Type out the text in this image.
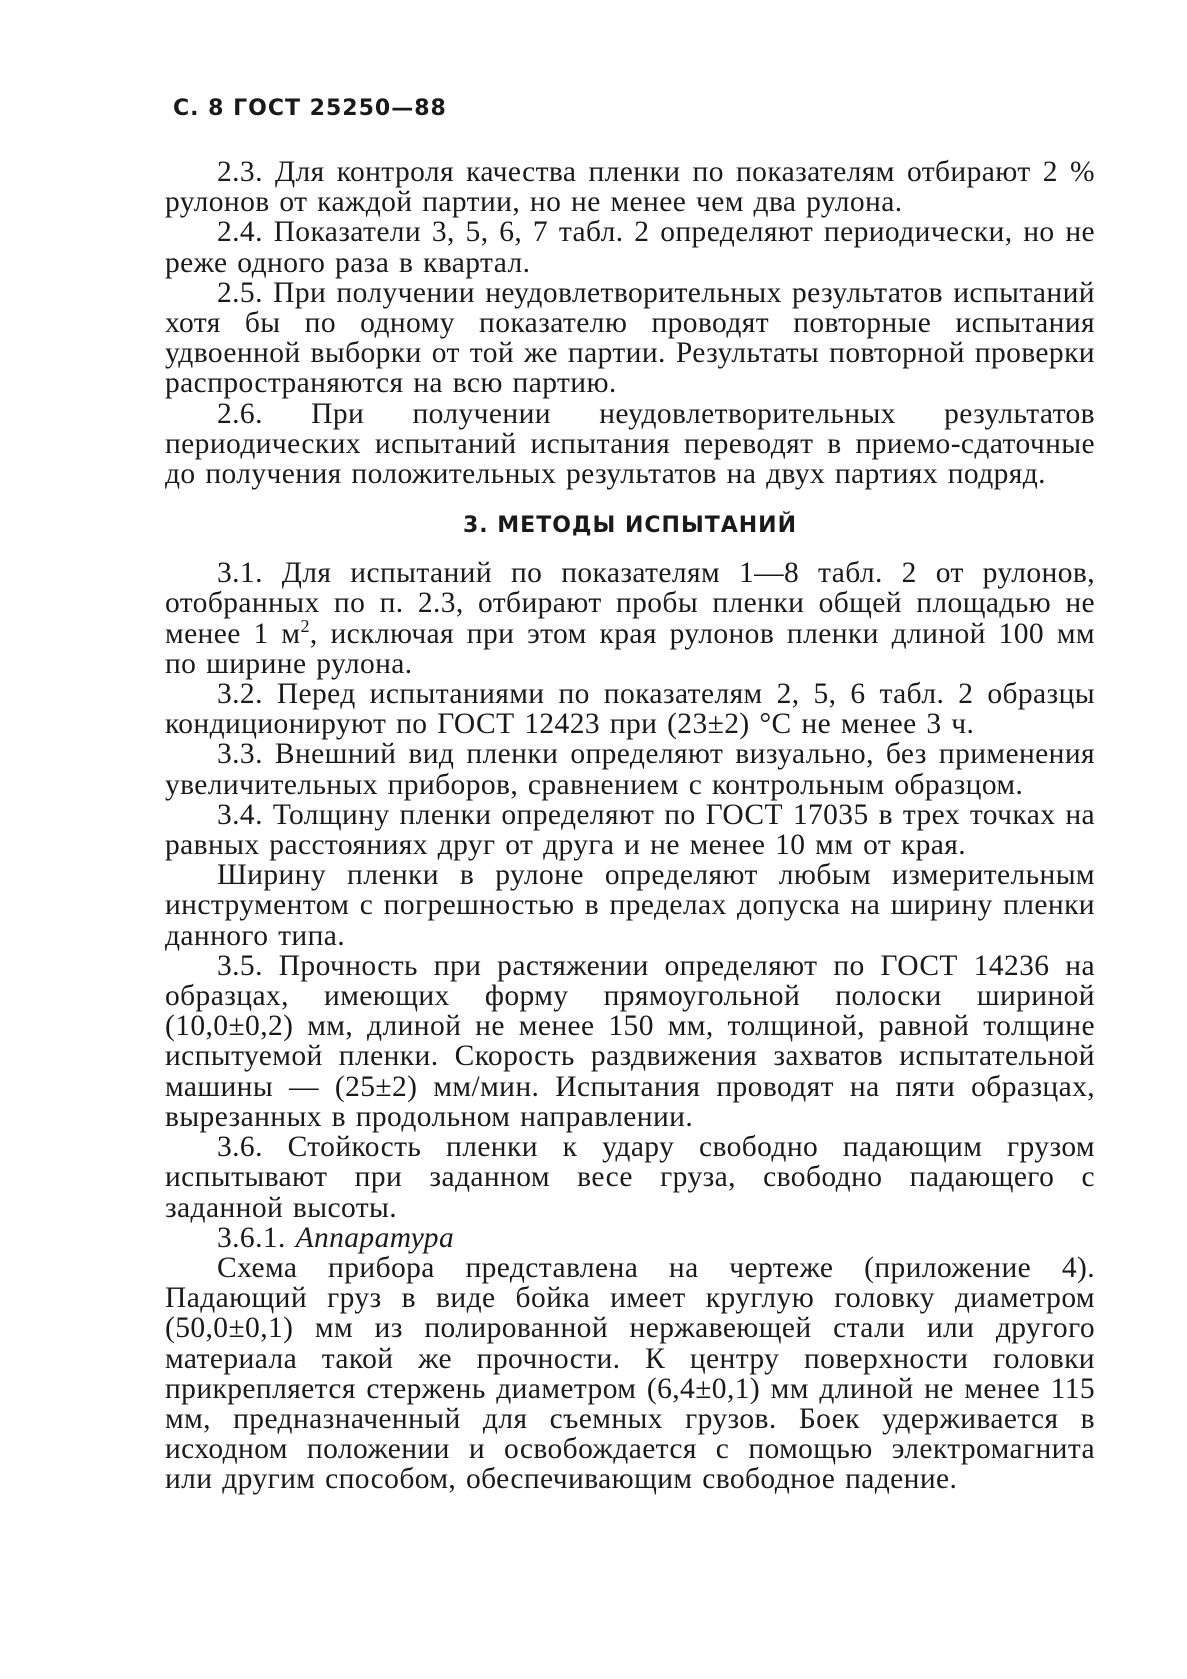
С. 8 ГОСТ 25250—88

2.3. Для контроля качества пленки по показателям отбирают 2 % рулонов от каждой партии, но не менее чем два рулона.

2.4. Показатели 3, 5, 6, 7 табл. 2 определяют периодически, но не реже одного раза в квартал.

2.5. При получении неудовлетворительных результатов испытаний хотя бы по одному показателю проводят повторные испытания удвоенной выборки от той же партии. Результаты повторной проверки распространяются на всю партию.

2.6. При получении неудовлетворительных результатов периодических испытаний испытания переводят в приемо-сдаточные до получения положительных результатов на двух партиях подряд.

3. МЕТОДЫ ИСПЫТАНИЙ

3.1. Для испытаний по показателям 1—8 табл. 2 от рулонов, отобранных по п. 2.3, отбирают пробы пленки общей площадью не менее 1 $м^2$, исключая при этом края рулонов пленки длиной 100 мм по ширине рулона.

3.2. Перед испытаниями по показателям 2, 5, 6 табл. 2 образцы кондиционируют по ГОСТ 12423 при (23±2) °С не менее 3 ч.

3.3. Внешний вид пленки определяют визуально, без применения увеличительных приборов, сравнением с контрольным образцом.

3.4. Толщину пленки определяют по ГОСТ 17035 в трех точках на равных расстояниях друг от друга и не менее 10 мм от края.

Ширину пленки в рулоне определяют любым измерительным инструментом с погрешностью в пределах допуска на ширину пленки данного типа.

3.5. Прочность при растяжении определяют по ГОСТ 14236 на образцах, имеющих форму прямоугольной полоски шириной (10,0±0,2) мм, длиной не менее 150 мм, толщиной, равной толщине испытуемой пленки. Скорость раздвижения захватов испытательной машины — (25±2) мм/мин. Испытания проводят на пяти образцах, вырезанных в продольном направлении.

3.6. Стойкость пленки к удару свободно падающим грузом испытывают при заданном весе груза, свободно падающего с заданной высоты.

3.6.1. Аппаратура

Схема прибора представлена на чертеже (приложение 4). Падающий груз в виде бойка имеет круглую головку диаметром (50,0±0,1) мм из полированной нержавеющей стали или другого материала такой же прочности. К центру поверхности головки прикрепляется стержень диаметром (6,4±0,1) мм длиной не менее 115 мм, предназначенный для съемных грузов. Боек удерживается в исходном положении и освобождается с помощью электромагнита или другим способом, обеспечивающим свободное падение.
